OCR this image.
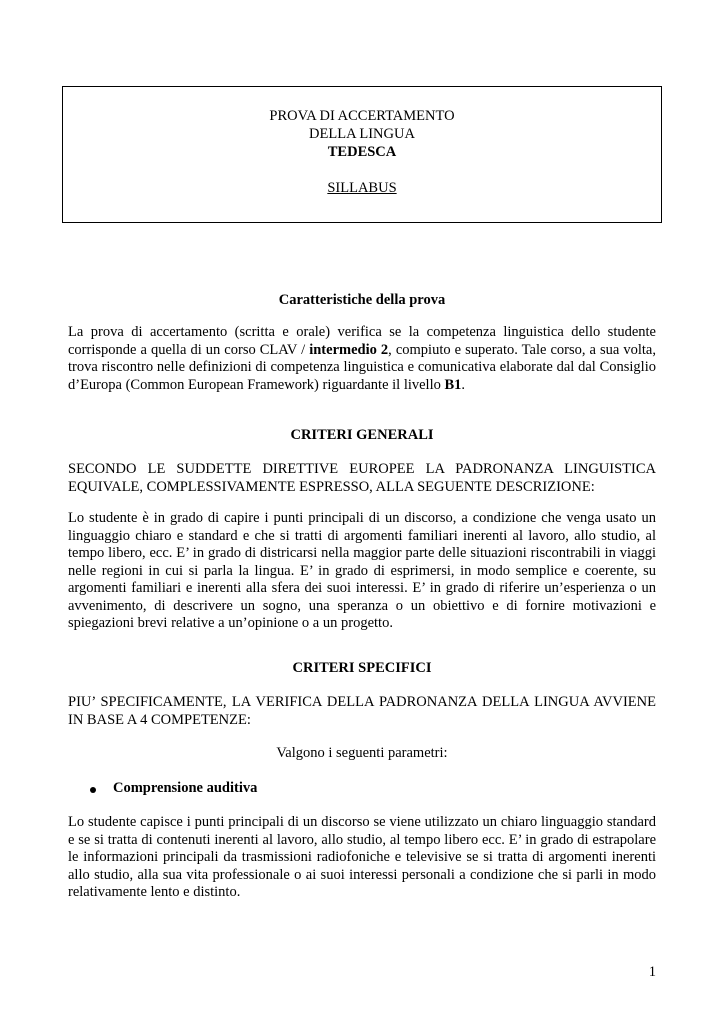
PROVA DI ACCERTAMENTO
DELLA LINGUA
TEDESCA
SILLABUS
Caratteristiche della prova
La prova di accertamento (scritta e orale) verifica se la competenza linguistica dello studente corrisponde a quella di un corso CLAV / intermedio 2, compiuto e superato. Tale corso, a sua volta, trova riscontro nelle definizioni di competenza linguistica e comunicativa elaborate dal dal Consiglio d’Europa (Common European Framework) riguardante il livello B1.
CRITERI GENERALI
SECONDO LE SUDDETTE DIRETTIVE EUROPEE LA PADRONANZA LINGUISTICA EQUIVALE, COMPLESSIVAMENTE ESPRESSO, ALLA SEGUENTE DESCRIZIONE:
Lo studente è in grado di capire i punti principali di un discorso, a condizione che venga usato un linguaggio chiaro e standard e che si tratti di argomenti familiari inerenti al lavoro, allo studio, al tempo libero, ecc. E’ in grado di districarsi nella maggior parte delle situazioni riscontrabili in viaggi nelle regioni in cui si parla la lingua. E’ in grado di esprimersi, in modo semplice e coerente, su argomenti familiari e inerenti alla sfera dei suoi interessi. E’ in grado di riferire un’esperienza o un avvenimento, di descrivere un sogno, una speranza o un obiettivo e di fornire motivazioni e spiegazioni brevi relative a un’opinione o a un progetto.
CRITERI SPECIFICI
PIU’ SPECIFICAMENTE, LA VERIFICA DELLA PADRONANZA DELLA LINGUA AVVIENE IN BASE A 4 COMPETENZE:
Valgono i seguenti parametri:
Comprensione auditiva
Lo studente capisce i punti principali di un discorso se viene utilizzato un chiaro linguaggio standard e se si tratta di contenuti inerenti al lavoro, allo studio, al tempo libero ecc. E’ in grado di estrapolare le informazioni principali da trasmissioni radiofoniche e televisive se si tratta di argomenti inerenti allo studio, alla sua vita professionale o ai suoi interessi personali a condizione che si parli in modo relativamente lento e distinto.
1
